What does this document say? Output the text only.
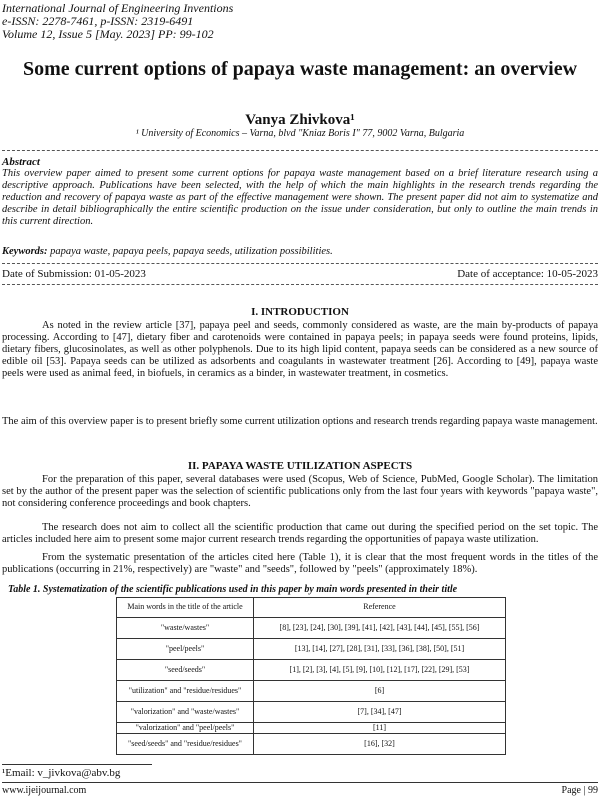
International Journal of Engineering Inventions
e-ISSN: 2278-7461, p-ISSN: 2319-6491
Volume 12, Issue 5 [May. 2023] PP: 99-102
Some current options of papaya waste management: an overview
Vanya Zhivkova¹
¹ University of Economics – Varna, blvd "Kniaz Boris I" 77, 9002 Varna, Bulgaria
Abstract
This overview paper aimed to present some current options for papaya waste management based on a brief literature research using a descriptive approach. Publications have been selected, with the help of which the main highlights in the research trends regarding the reduction and recovery of papaya waste as part of the effective management were shown. The present paper did not aim to systematize and describe in detail bibliographically the entire scientific production on the issue under consideration, but only to outline the main trends in this current direction.
Keywords: papaya waste, papaya peels, papaya seeds, utilization possibilities.
Date of Submission: 01-05-2023	Date of acceptance: 10-05-2023
I. INTRODUCTION
As noted in the review article [37], papaya peel and seeds, commonly considered as waste, are the main by-products of papaya processing. According to [47], dietary fiber and carotenoids were contained in papaya peels; in papaya seeds were found proteins, lipids, dietary fibers, glucosinolates, as well as other polyphenols. Due to its high lipid content, papaya seeds can be considered as a new source of edible oil [53]. Papaya seeds can be utilized as adsorbents and coagulants in wastewater treatment [26]. According to [49], papaya waste peels were used as animal feed, in biofuels, in ceramics as a binder, in wastewater treatment, in cosmetics.
The aim of this overview paper is to present briefly some current utilization options and research trends regarding papaya waste management.
II. PAPAYA WASTE UTILIZATION ASPECTS
For the preparation of this paper, several databases were used (Scopus, Web of Science, PubMed, Google Scholar). The limitation set by the author of the present paper was the selection of scientific publications only from the last four years with keywords "papaya waste", not considering conference proceedings and book chapters.
The research does not aim to collect all the scientific production that came out during the specified period on the set topic. The articles included here aim to present some major current research trends regarding the opportunities of papaya waste utilization.
From the systematic presentation of the articles cited here (Table 1), it is clear that the most frequent words in the titles of the publications (occurring in 21%, respectively) are "waste" and "seeds", followed by "peels" (approximately 18%).
Table 1. Systematization of the scientific publications used in this paper by main words presented in their title
Main words in the title of the article	Reference
"waste/wastes"	[8], [23], [24], [30], [39], [41], [42], [43], [44], [45], [55], [56]
"peel/peels"	[13], [14], [27], [28], [31], [33], [36], [38], [50], [51]
"seed/seeds"	[1], [2], [3], [4], [5], [9], [10], [12], [17], [22], [29], [53]
"utilization" and "residue/residues"	[6]
"valorization" and "waste/wastes"	[7], [34], [47]
"valorization" and "peel/peels"	[11]
"seed/seeds" and "residue/residues"	[16], [32]
¹Email: v_jivkova@abv.bg
www.ijeijournal.com	Page | 99
